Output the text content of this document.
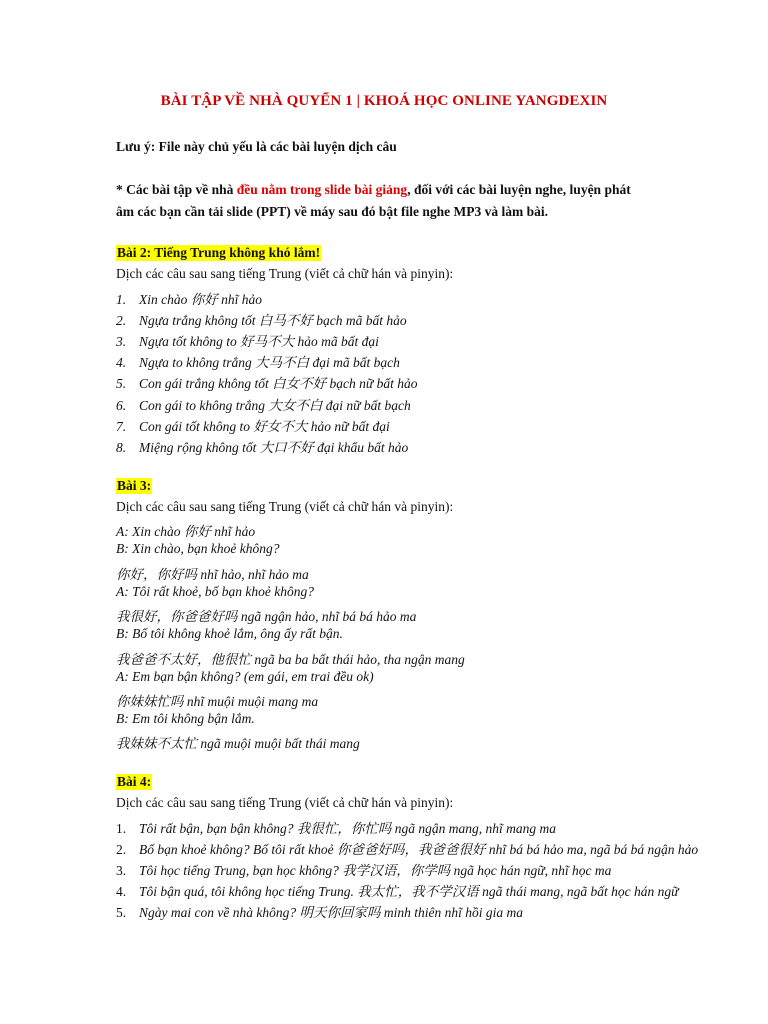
BÀI TẬP VỀ NHÀ QUYỂN 1 | KHOÁ HỌC ONLINE YANGDEXIN
Lưu ý: File này chủ yếu là các bài luyện dịch câu
* Các bài tập về nhà đều nằm trong slide bài giảng, đối với các bài luyện nghe, luyện phát
âm các bạn cần tải slide (PPT) về máy sau đó bật file nghe MP3 và làm bài.
Bài 2: Tiếng Trung không khó lắm!
Dịch các câu sau sang tiếng Trung (viết cả chữ hán và pinyin):
1. Xin chào 你好 nhĩ hảo
2. Ngựa trắng không tốt 白马不好 bạch mã bất hảo
3. Ngựa tốt không to 好马不大 hảo mã bất đại
4. Ngựa to không trắng 大马不白 đại mã bất bạch
5. Con gái trắng không tốt 白女不好 bạch nữ bất hảo
6. Con gái to không trắng 大女不白 đại nữ bất bạch
7. Con gái tốt không to 好女不大 hảo nữ bất đại
8. Miệng rộng không tốt 大口不好 đại khẩu bất hảo
Bài 3:
Dịch các câu sau sang tiếng Trung (viết cả chữ hán và pinyin):
A: Xin chào 你好 nhĩ hảo
B: Xin chào, bạn khoẻ không?
你好，你好吗 nhĩ hảo, nhĩ hảo ma
A: Tôi rất khoẻ, bố bạn khoẻ không?
我很好，你爸爸好吗 ngã ngận hảo, nhĩ bá bá hảo ma
B: Bố tôi không khoẻ lắm, ông ấy rất bận.
我爸爸不太好，他很忙 ngã ba ba bất thái hảo, tha ngận mang
A: Em bạn bận không? (em gái, em trai đều ok)
你妹妹忙吗 nhĩ muội muội mang ma
B: Em tôi không bận lắm.
我妹妹不太忙 ngã muội muội bất thái mang
Bài 4:
Dịch các câu sau sang tiếng Trung (viết cả chữ hán và pinyin):
1. Tôi rất bận, bạn bận không? 我很忙，你忙吗 ngã ngận mang, nhĩ mang ma
2. Bố bạn khoẻ không? Bố tôi rất khoẻ 你爸爸好吗，我爸爸很好 nhĩ bá bá hảo ma, ngã bá bá ngận hảo
3. Tôi học tiếng Trung, bạn học không? 我学汉语，你学吗 ngã học hán ngữ, nhĩ học ma
4. Tôi bận quá, tôi không học tiếng Trung. 我太忙，我不学汉语 ngã thái mang, ngã bất học hán ngữ
5. Ngày mai con về nhà không? 明天你回家吗 minh thiên nhĩ hồi gia ma
